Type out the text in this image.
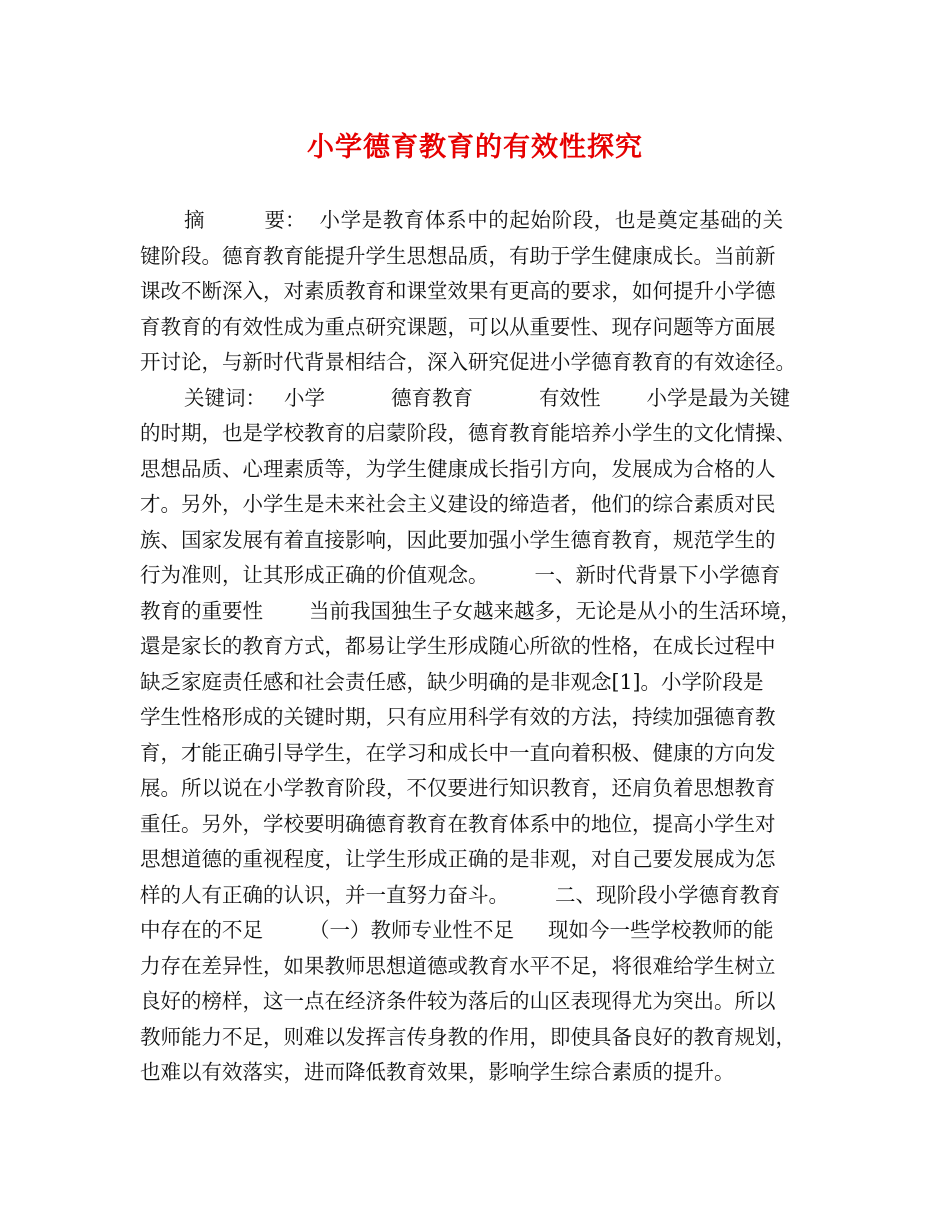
小学德育教育的有效性探究
摘	要： 小学是教育体系中的起始阶段，也是奠定基础的关
键阶段。德育教育能提升学生思想品质，有助于学生健康成长。当前新
课改不断深入，对素质教育和课堂效果有更高的要求，如何提升小学德
育教育的有效性成为重点研究课题，可以从重要性、现存问题等方面展
开讨论，与新时代背景相结合，深入研究促进小学德育教育的有效途径。
关键词： 小学	德育教育	有效性 小学是最为关键
的时期，也是学校教育的启蒙阶段，德育教育能培养小学生的文化情操、
思想品质、心理素质等，为学生健康成长指引方向，发展成为合格的人
才。另外，小学生是未来社会主义建设的缔造者，他们的综合素质对民
族、国家发展有着直接影响，因此要加强小学生德育教育，规范学生的
行为准则，让其形成正确的价值观念。 一、新时代背景下小学德育
教育的重要性 当前我国独生子女越来越多，无论是从小的生活环境，
還是家长的教育方式，都易让学生形成随心所欲的性格，在成长过程中
缺乏家庭责任感和社会责任感，缺少明确的是非观念[1]。小学阶段是
学生性格形成的关键时期，只有应用科学有效的方法，持续加强德育教
育，才能正确引导学生，在学习和成长中一直向着积极、健康的方向发
展。所以说在小学教育阶段，不仅要进行知识教育，还肩负着思想教育
重任。另外，学校要明确德育教育在教育体系中的地位，提高小学生对
思想道德的重视程度，让学生形成正确的是非观，对自己要发展成为怎
样的人有正确的认识，并一直努力奋斗。 二、现阶段小学德育教育
中存在的不足 （一）教师专业性不足 现如今一些学校教师的能
力存在差异性，如果教师思想道德或教育水平不足，将很难给学生树立
良好的榜样，这一点在经济条件较为落后的山区表现得尤为突出。所以
教师能力不足，则难以发挥言传身教的作用，即使具备良好的教育规划，
也难以有效落实，进而降低教育效果，影响学生综合素质的提升。
